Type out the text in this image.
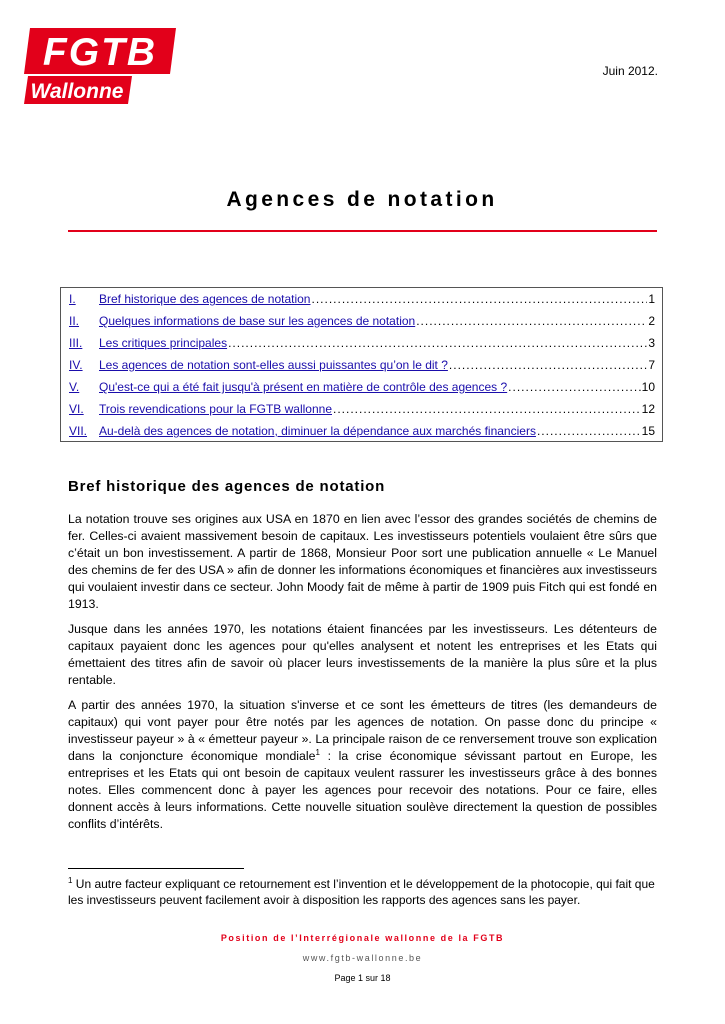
FGTB
Wallonne
Juin 2012.
Agences de notation
I.	Bref historique des agences de notation .....	1
II.	Quelques informations de base sur les agences de notation .....	2
III.	Les critiques principales .....	3
IV.	Les agences de notation sont-elles aussi puissantes qu’on le dit ? .....	7
V.	Qu'est-ce qui a été fait jusqu'à présent en matière de contrôle des agences ? .....	10
VI.	Trois revendications pour la FGTB wallonne .....	12
VII. Au-delà des agences de notation, diminuer la dépendance aux marchés financiers .....	15
Bref historique des agences de notation

La notation trouve ses origines aux USA en 1870 en lien avec l’essor des grandes sociétés de chemins de fer. Celles-ci avaient massivement besoin de capitaux. Les investisseurs potentiels voulaient être sûrs que c’était un bon investissement. A partir de 1868, Monsieur Poor sort une publication annuelle « Le Manuel des chemins de fer des USA » afin de donner les informations économiques et financières aux investisseurs qui voulaient investir dans ce secteur. John Moody fait de même à partir de 1909 puis Fitch qui est fondé en 1913.

Jusque dans les années 1970, les notations étaient financées par les investisseurs. Les détenteurs de capitaux payaient donc les agences pour qu'elles analysent et notent les entreprises et les Etats qui émettaient des titres afin de savoir où placer leurs investissements de la manière la plus sûre et la plus rentable.

A partir des années 1970, la situation s'inverse et ce sont les émetteurs de titres (les demandeurs de capitaux) qui vont payer pour être notés par les agences de notation. On passe donc du principe « investisseur payeur » à « émetteur payeur ». La principale raison de ce renversement trouve son explication dans la conjoncture économique mondiale$^1$ : la crise économique sévissant partout en Europe, les entreprises et les Etats qui ont besoin de capitaux veulent rassurer les investisseurs grâce à des bonnes notes. Elles commencent donc à payer les agences pour recevoir des notations. Pour ce faire, elles donnent accès à leurs informations. Cette nouvelle situation soulève directement la question de possibles conflits d’intérêts.

$^1$ Un autre facteur expliquant ce retournement est l’invention et le développement de la photocopie, qui fait que les investisseurs peuvent facilement avoir à disposition les rapports des agences sans les payer.
Position de l’Interrégionale wallonne de la FGTB
www.fgtb-wallonne.be
Page 1 sur 18
